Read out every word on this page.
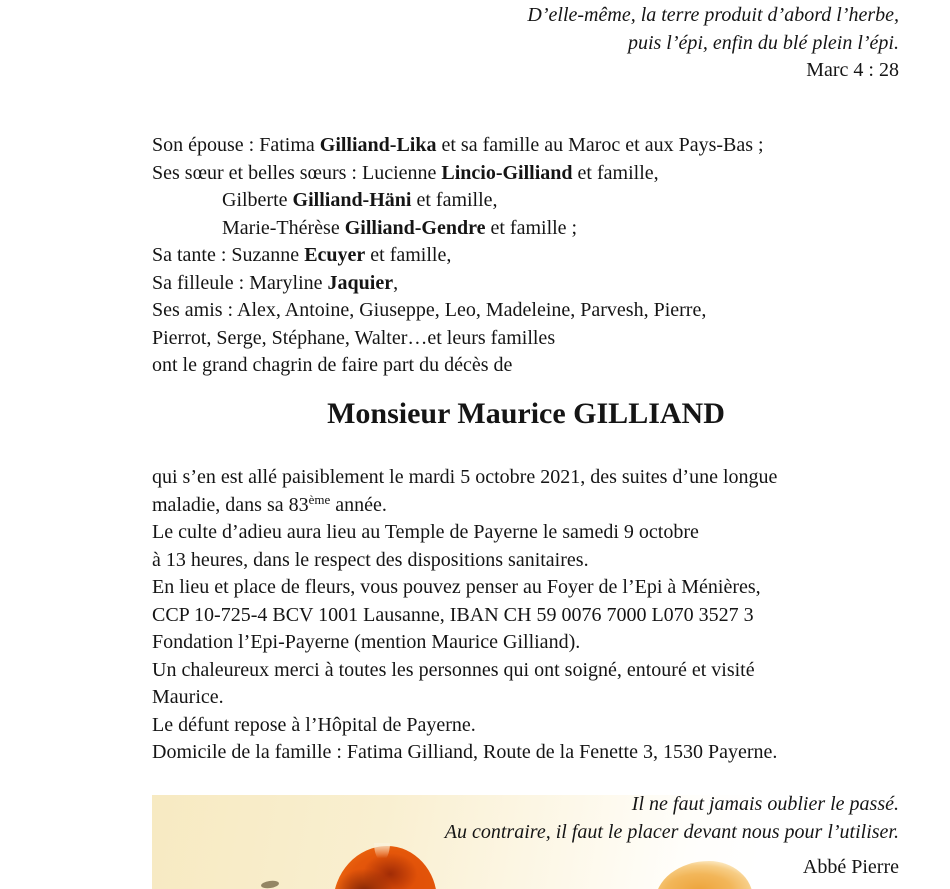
D’elle-même, la terre produit d’abord l’herbe,
puis l’épi, enfin du blé plein l’épi.
Marc 4 : 28
Son épouse : Fatima Gilliand-Lika et sa famille au Maroc et aux Pays-Bas ;
Ses sœur et belles sœurs : Lucienne Lincio-Gilliand et famille,
Gilberte Gilliand-Häni et famille,
Marie-Thérèse Gilliand-Gendre et famille ;
Sa tante : Suzanne Ecuyer et famille,
Sa filleule : Maryline Jaquier,
Ses amis : Alex, Antoine, Giuseppe, Leo, Madeleine, Parvesh, Pierre,
Pierrot, Serge, Stéphane, Walter…et leurs familles
ont le grand chagrin de faire part du décès de
Monsieur Maurice GILLIAND
qui s’en est allé paisiblement le mardi 5 octobre 2021, des suites d’une longue
maladie, dans sa 83ème année.
Le culte d’adieu aura lieu au Temple de Payerne le samedi 9 octobre
à 13 heures, dans le respect des dispositions sanitaires.
En lieu et place de fleurs, vous pouvez penser au Foyer de l’Epi à Ménières,
CCP 10-725-4 BCV 1001 Lausanne, IBAN CH 59 0076 7000 L070 3527 3
Fondation l’Epi-Payerne (mention Maurice Gilliand).
Un chaleureux merci à toutes les personnes qui ont soigné, entouré et visité
Maurice.
Le défunt repose à l’Hôpital de Payerne.
Domicile de la famille : Fatima Gilliand, Route de la Fenette 3, 1530 Payerne.
Il ne faut jamais oublier le passé.
Au contraire, il faut le placer devant nous pour l’utiliser.
Abbé Pierre
